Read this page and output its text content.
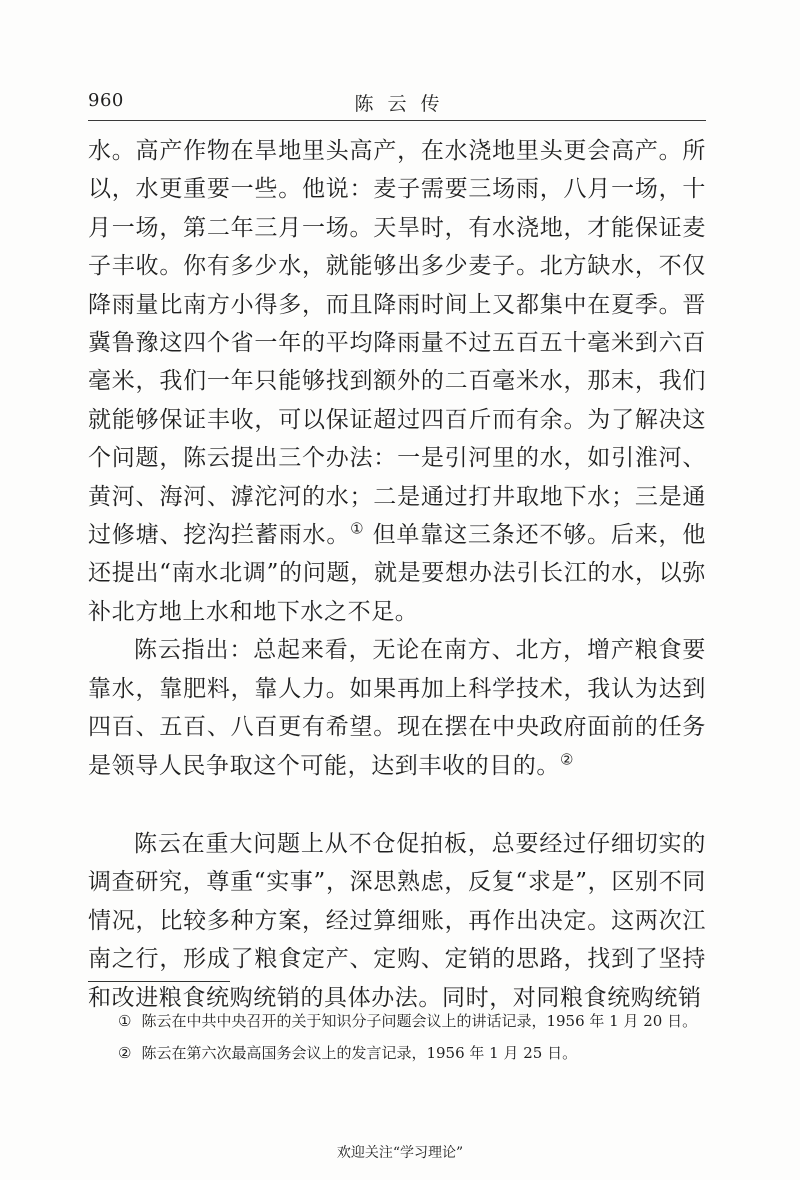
960	陈云传

水。高产作物在旱地里头高产，在水浇地里头更会高产。所以，水更重要一些。他说：麦子需要三场雨，八月一场，十月一场，第二年三月一场。天旱时，有水浇地，才能保证麦子丰收。你有多少水，就能够出多少麦子。北方缺水，不仅降雨量比南方小得多，而且降雨时间上又都集中在夏季。晋冀鲁豫这四个省一年的平均降雨量不过五百五十毫米到六百毫米，我们一年只能够找到额外的二百毫米水，那末，我们就能够保证丰收，可以保证超过四百斤而有余。为了解决这个问题，陈云提出三个办法：一是引河里的水，如引淮河、黄河、海河、滹沱河的水；二是通过打井取地下水；三是通过修塘、挖沟拦蓄雨水。① 但单靠这三条还不够。后来，他还提出“南水北调”的问题，就是要想办法引长江的水，以弥补北方地上水和地下水之不足。

陈云指出：总起来看，无论在南方、北方，增产粮食要靠水，靠肥料，靠人力。如果再加上科学技术，我认为达到四百、五百、八百更有希望。现在摆在中央政府面前的任务是领导人民争取这个可能，达到丰收的目的。②

陈云在重大问题上从不仓促拍板，总要经过仔细切实的调查研究，尊重“实事”，深思熟虑，反复“求是”，区别不同情况，比较多种方案，经过算细账，再作出决定。这两次江南之行，形成了粮食定产、定购、定销的思路，找到了坚持和改进粮食统购统销的具体办法。同时，对同粮食统购统销

① 陈云在中共中央召开的关于知识分子问题会议上的讲话记录，1956 年 1 月 20 日。

② 陈云在第六次最高国务会议上的发言记录，1956 年 1 月 25 日。

欢迎关注“学习理论”
